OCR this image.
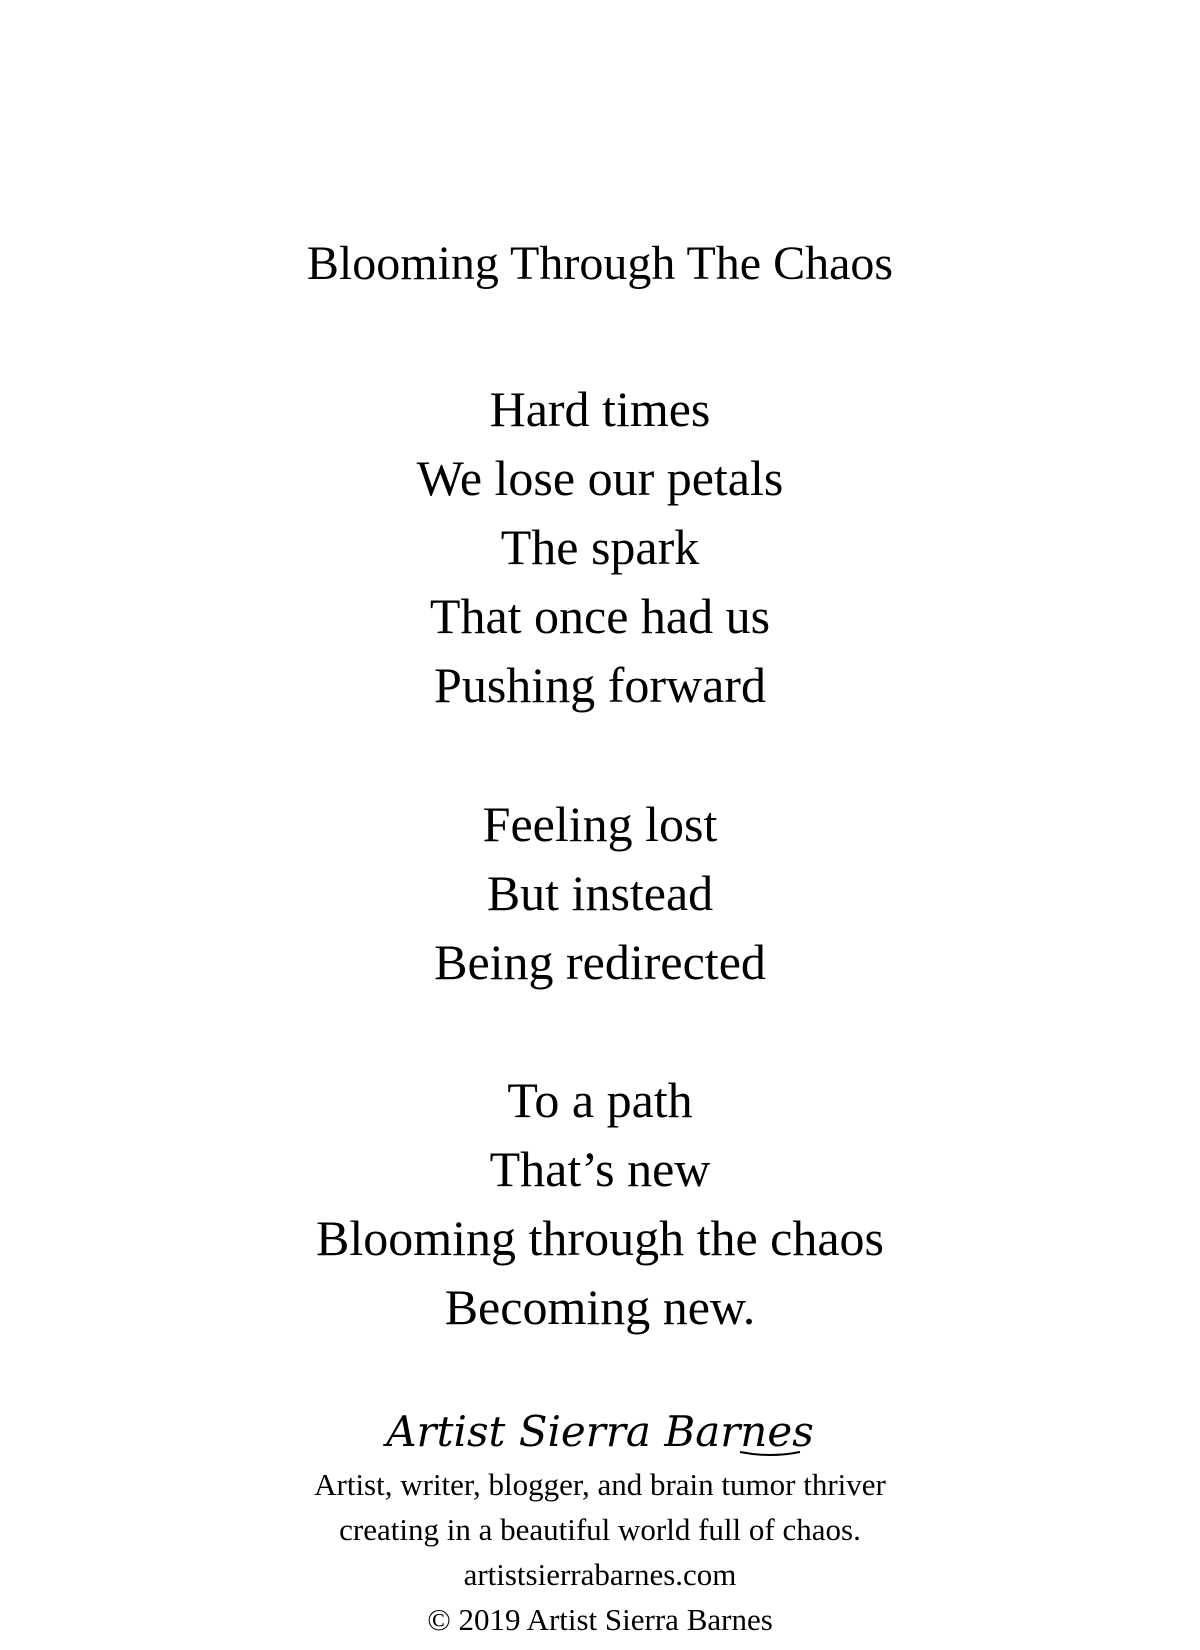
Blooming Through The Chaos
Hard times
We lose our petals
The spark
That once had us
Pushing forward
Feeling lost
But instead
Being redirected
To a path
That’s new
Blooming through the chaos
Becoming new.
Artist Sierra Barnes
Artist, writer, blogger, and brain tumor thriver
creating in a beautiful world full of chaos.
artistsierrabarnes.com
© 2019 Artist Sierra Barnes
